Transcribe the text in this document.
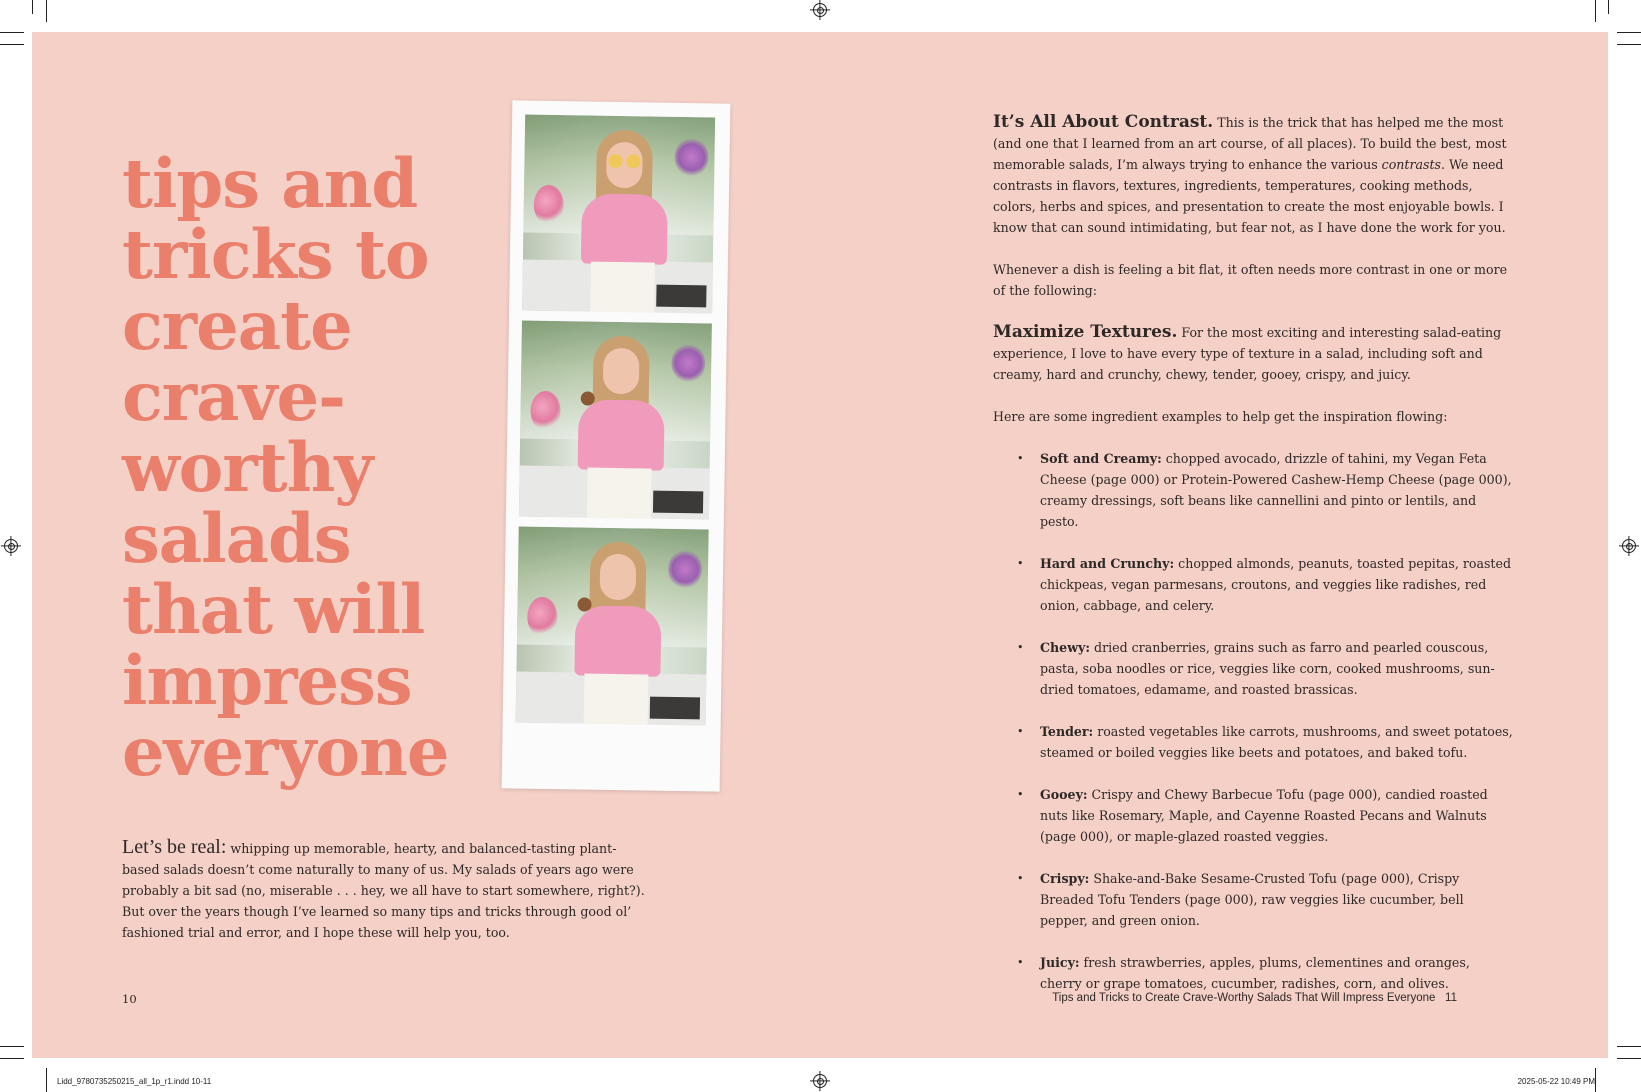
tips and
tricks to
create
crave-
worthy
salads
that will
impress
everyone
Let’s be real: whipping up memorable, hearty, and balanced-tasting plant-based salads doesn’t come naturally to many of us. My salads of years ago were probably a bit sad (no, miserable . . . hey, we all have to start somewhere, right?). But over the years though I’ve learned so many tips and tricks through good ol’ fashioned trial and error, and I hope these will help you, too.
10	Tips and Tricks to Create Crave-Worthy Salads That Will Impress Everyone 11

It’s All About Contrast. This is the trick that has helped me the most (and one that I learned from an art course, of all places). To build the best, most memorable salads, I’m always trying to enhance the various contrasts. We need contrasts in flavors, textures, ingredients, temperatures, cooking methods, colors, herbs and spices, and presentation to create the most enjoyable bowls. I know that can sound intimidating, but fear not, as I have done the work for you.

Whenever a dish is feeling a bit flat, it often needs more contrast in one or more of the following:

Maximize Textures. For the most exciting and interesting salad-eating experience, I love to have every type of texture in a salad, including soft and creamy, hard and crunchy, chewy, tender, gooey, crispy, and juicy.

Here are some ingredient examples to help get the inspiration flowing:

• Soft and Creamy: chopped avocado, drizzle of tahini, my Vegan Feta Cheese (page 000) or Protein-Powered Cashew-Hemp Cheese (page 000), creamy dressings, soft beans like cannellini and pinto or lentils, and pesto.
• Hard and Crunchy: chopped almonds, peanuts, toasted pepitas, roasted chickpeas, vegan parmesans, croutons, and veggies like radishes, red onion, cabbage, and celery.
• Chewy: dried cranberries, grains such as farro and pearled couscous, pasta, soba noodles or rice, veggies like corn, cooked mushrooms, sun-dried tomatoes, edamame, and roasted brassicas.
• Tender: roasted vegetables like carrots, mushrooms, and sweet potatoes, steamed or boiled veggies like beets and potatoes, and baked tofu.
• Gooey: Crispy and Chewy Barbecue Tofu (page 000), candied roasted nuts like Rosemary, Maple, and Cayenne Roasted Pecans and Walnuts (page 000), or maple-glazed roasted veggies.
• Crispy: Shake-and-Bake Sesame-Crusted Tofu (page 000), Crispy Breaded Tofu Tenders (page 000), raw veggies like cucumber, bell pepper, and green onion.
• Juicy: fresh strawberries, apples, plums, clementines and oranges, cherry or grape tomatoes, cucumber, radishes, corn, and olives.
Lidd_9780735250215_all_1p_r1.indd 10-11	2025-05-22 10:49 PM
